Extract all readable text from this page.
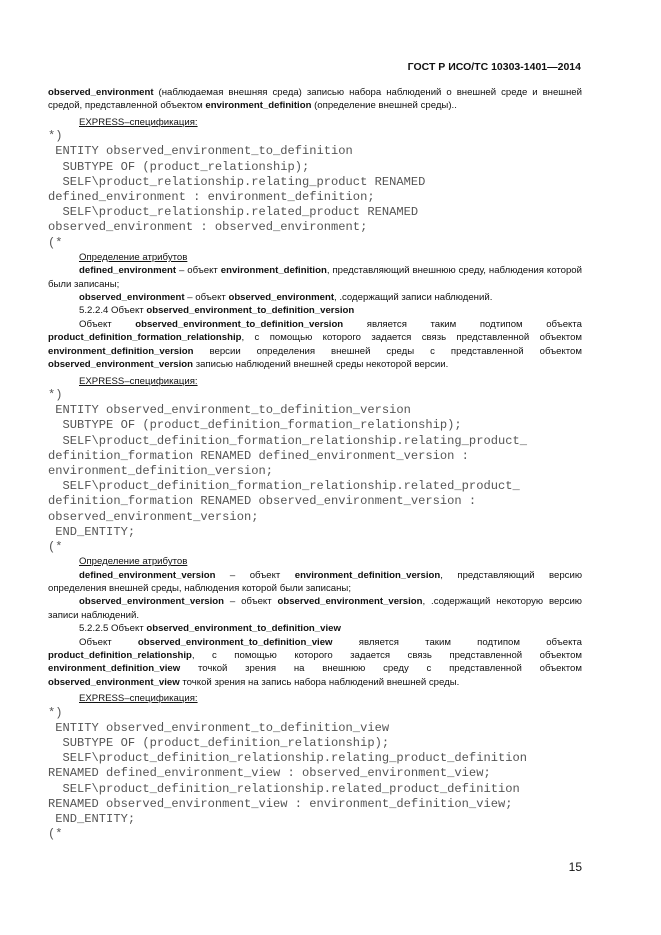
ГОСТ Р ИСО/ТС 10303-1401—2014

observed_environment (наблюдаемая внешняя среда) записью набора наблюдений о внешней среде и внешней средой, представленной объектом environment_definition (определение внешней среды)..

EXPRESS–спецификация:

*)
ENTITY observed_environment_to_definition
SUBTYPE OF (product_relationship);
SELF\product_relationship.relating_product RENAMED
defined_environment : environment_definition;
SELF\product_relationship.related_product RENAMED
observed_environment : observed_environment;
(*

Определение атрибутов

defined_environment – объект environment_definition, представляющий внешнюю среду, наблюдения которой были записаны;

observed_environment – объект observed_environment, .содержащий записи наблюдений.

5.2.2.4 Объект observed_environment_to_definition_version

Объект observed_environment_to_definition_version является таким подтипом объекта product_definition_formation_relationship, с помощью которого задается связь представленной объектом environment_definition_version версии определения внешней среды с представленной объектом observed_environment_version записью наблюдений внешней среды некоторой версии.

EXPRESS–спецификация:

*)
ENTITY observed_environment_to_definition_version
SUBTYPE OF (product_definition_formation_relationship);
SELF\product_definition_formation_relationship.relating_product_
definition_formation RENAMED defined_environment_version :
environment_definition_version;
SELF\product_definition_formation_relationship.related_product_
definition_formation RENAMED observed_environment_version :
observed_environment_version;
END_ENTITY;
(*

Определение атрибутов

defined_environment_version – объект environment_definition_version, представляющий версию определения внешней среды, наблюдения которой были записаны;

observed_environment_version – объект observed_environment_version, .содержащий некоторую версию записи наблюдений.

5.2.2.5 Объект observed_environment_to_definition_view

Объект observed_environment_to_definition_view является таким подтипом объекта product_definition_relationship, с помощью которого задается связь представленной объектом environment_definition_view точкой зрения на внешнюю среду с представленной объектом observed_environment_view точкой зрения на запись набора наблюдений внешней среды.

EXPRESS–спецификация:

*)
ENTITY observed_environment_to_definition_view
SUBTYPE OF (product_definition_relationship);
SELF\product_definition_relationship.relating_product_definition
RENAMED defined_environment_view : observed_environment_view;
SELF\product_definition_relationship.related_product_definition
RENAMED observed_environment_view : environment_definition_view;
END_ENTITY;
(*
15
